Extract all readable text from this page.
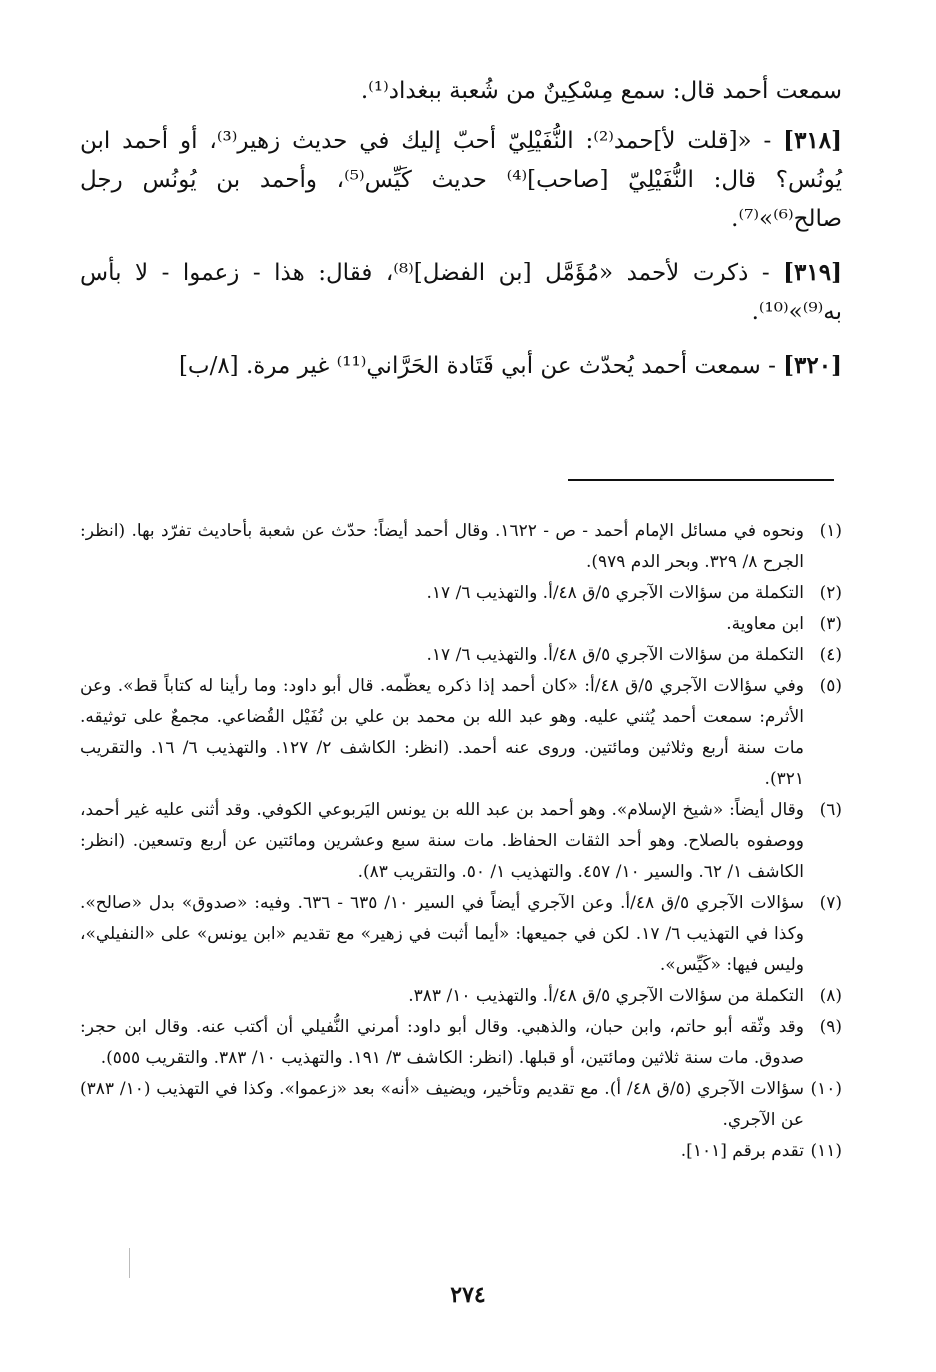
سمعت أحمد قال: سمع مِسْكِينٌ من شُعبة ببغداد⁽¹⁾.

[٣١٨] - «[قلت لأ]حمد⁽²⁾: النُّفَيْلِيّ أحبّ إليك في حديث زهير⁽³⁾، أو أحمد ابن يُونُس؟ قال: النُّفَيْلِيّ [صاحب]⁽⁴⁾ حديث كَيِّس⁽⁵⁾، وأحمد بن يُونُس رجل صالح⁽⁶⁾»⁽⁷⁾.

[٣١٩] - ذكرت لأحمد «مُؤَمَّل [بن الفضل]⁽⁸⁾، فقال: هذا - زعموا - لا بأس به⁽⁹⁾»⁽¹⁰⁾.

[٣٢٠] - سمعت أحمد يُحدّث عن أبي قَتَادة الحَرَّاني⁽¹¹⁾ غير مرة. [٨/ب]

(١)
ونحوه في مسائل الإمام أحمد - ص - ١٦٢٢. وقال أحمد أيضاً: حدّث عن شعبة بأحاديث تفرّد بها. (انظر: الجرح ٨/ ٣٢٩. وبحر الدم ٩٧٩).
(٢)
التكملة من سؤالات الآجري ٥/ق ٤٨/أ. والتهذيب ٦/ ١٧.
(٣)
ابن معاوية.
(٤)
التكملة من سؤالات الآجري ٥/ق ٤٨/أ. والتهذيب ٦/ ١٧.
(٥)
وفي سؤالات الآجري ٥/ق ٤٨/أ: «كان أحمد إذا ذكره يعظّمه. قال أبو داود: وما رأينا له كتاباً قط». وعن الأثرم: سمعت أحمد يُثني عليه. وهو عبد الله بن محمد بن علي بن نُفَيْل القُضاعي. مجمعٌ على توثيقه. مات سنة أربع وثلاثين ومائتين. وروى عنه أحمد. (انظر: الكاشف ٢/ ١٢٧. والتهذيب ٦/ ١٦. والتقريب ٣٢١).
(٦)
وقال أيضاً: «شيخ الإسلام». وهو أحمد بن عبد الله بن يونس اليَربوعي الكوفي. وقد أثنى عليه غير أحمد، ووصفوه بالصلاح. وهو أحد الثقات الحفاظ. مات سنة سبع وعشرين ومائتين عن أربع وتسعين. (انظر: الكاشف ١/ ٦٢. والسير ١٠/ ٤٥٧. والتهذيب ١/ ٥٠. والتقريب ٨٣).
(٧)
سؤالات الآجري ٥/ق ٤٨/أ. وعن الآجري أيضاً في السير ١٠/ ٦٣٥ - ٦٣٦. وفيه: «صدوق» بدل «صالح». وكذا في التهذيب ٦/ ١٧. لكن في جميعها: «أيما أثبت في زهير» مع تقديم «ابن يونس» على «النفيلي»، وليس فيها: «كَيِّس».
(٨)
التكملة من سؤالات الآجري ٥/ق ٤٨/أ. والتهذيب ١٠/ ٣٨٣.
(٩)
وقد وثّقه أبو حاتم، وابن حبان، والذهبي. وقال أبو داود: أمرني النُّفيلي أن أكتب عنه. وقال ابن حجر: صدوق. مات سنة ثلاثين ومائتين، أو قبلها. (انظر: الكاشف ٣/ ١٩١. والتهذيب ١٠/ ٣٨٣. والتقريب ٥٥٥).
(١٠)
سؤالات الآجري (٥/ق ٤٨/ أ). مع تقديم وتأخير، ويضيف «أنه» بعد «زعموا». وكذا في التهذيب (١٠/ ٣٨٣) عن الآجري.
(١١)
تقدم برقم [١٠١].
٢٧٤
